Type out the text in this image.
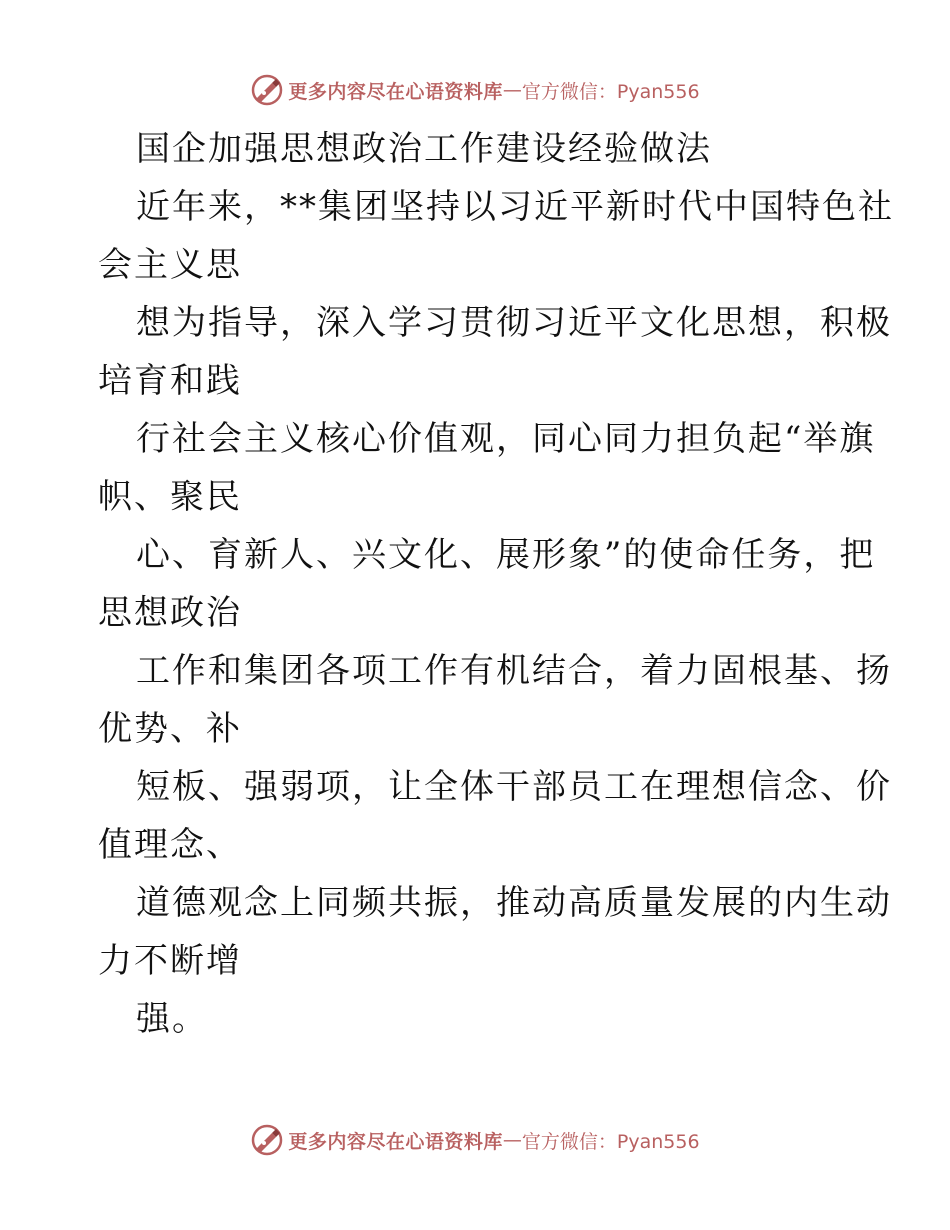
更多内容尽在心语资料库 — 官方微信：Pyan556
国企加强思想政治工作建设经验做法
近年来，**集团坚持以习近平新时代中国特色社
会主义思
想为指导，深入学习贯彻习近平文化思想，积极
培育和践
行社会主义核心价值观，同心同力担负起“举旗
帜、聚民
心、育新人、兴文化、展形象”的使命任务，把
思想政治
工作和集团各项工作有机结合，着力固根基、扬
优势、补
短板、强弱项，让全体干部员工在理想信念、价
值理念、
道德观念上同频共振，推动高质量发展的内生动
力不断增
强。
更多内容尽在心语资料库 — 官方微信：Pyan556
